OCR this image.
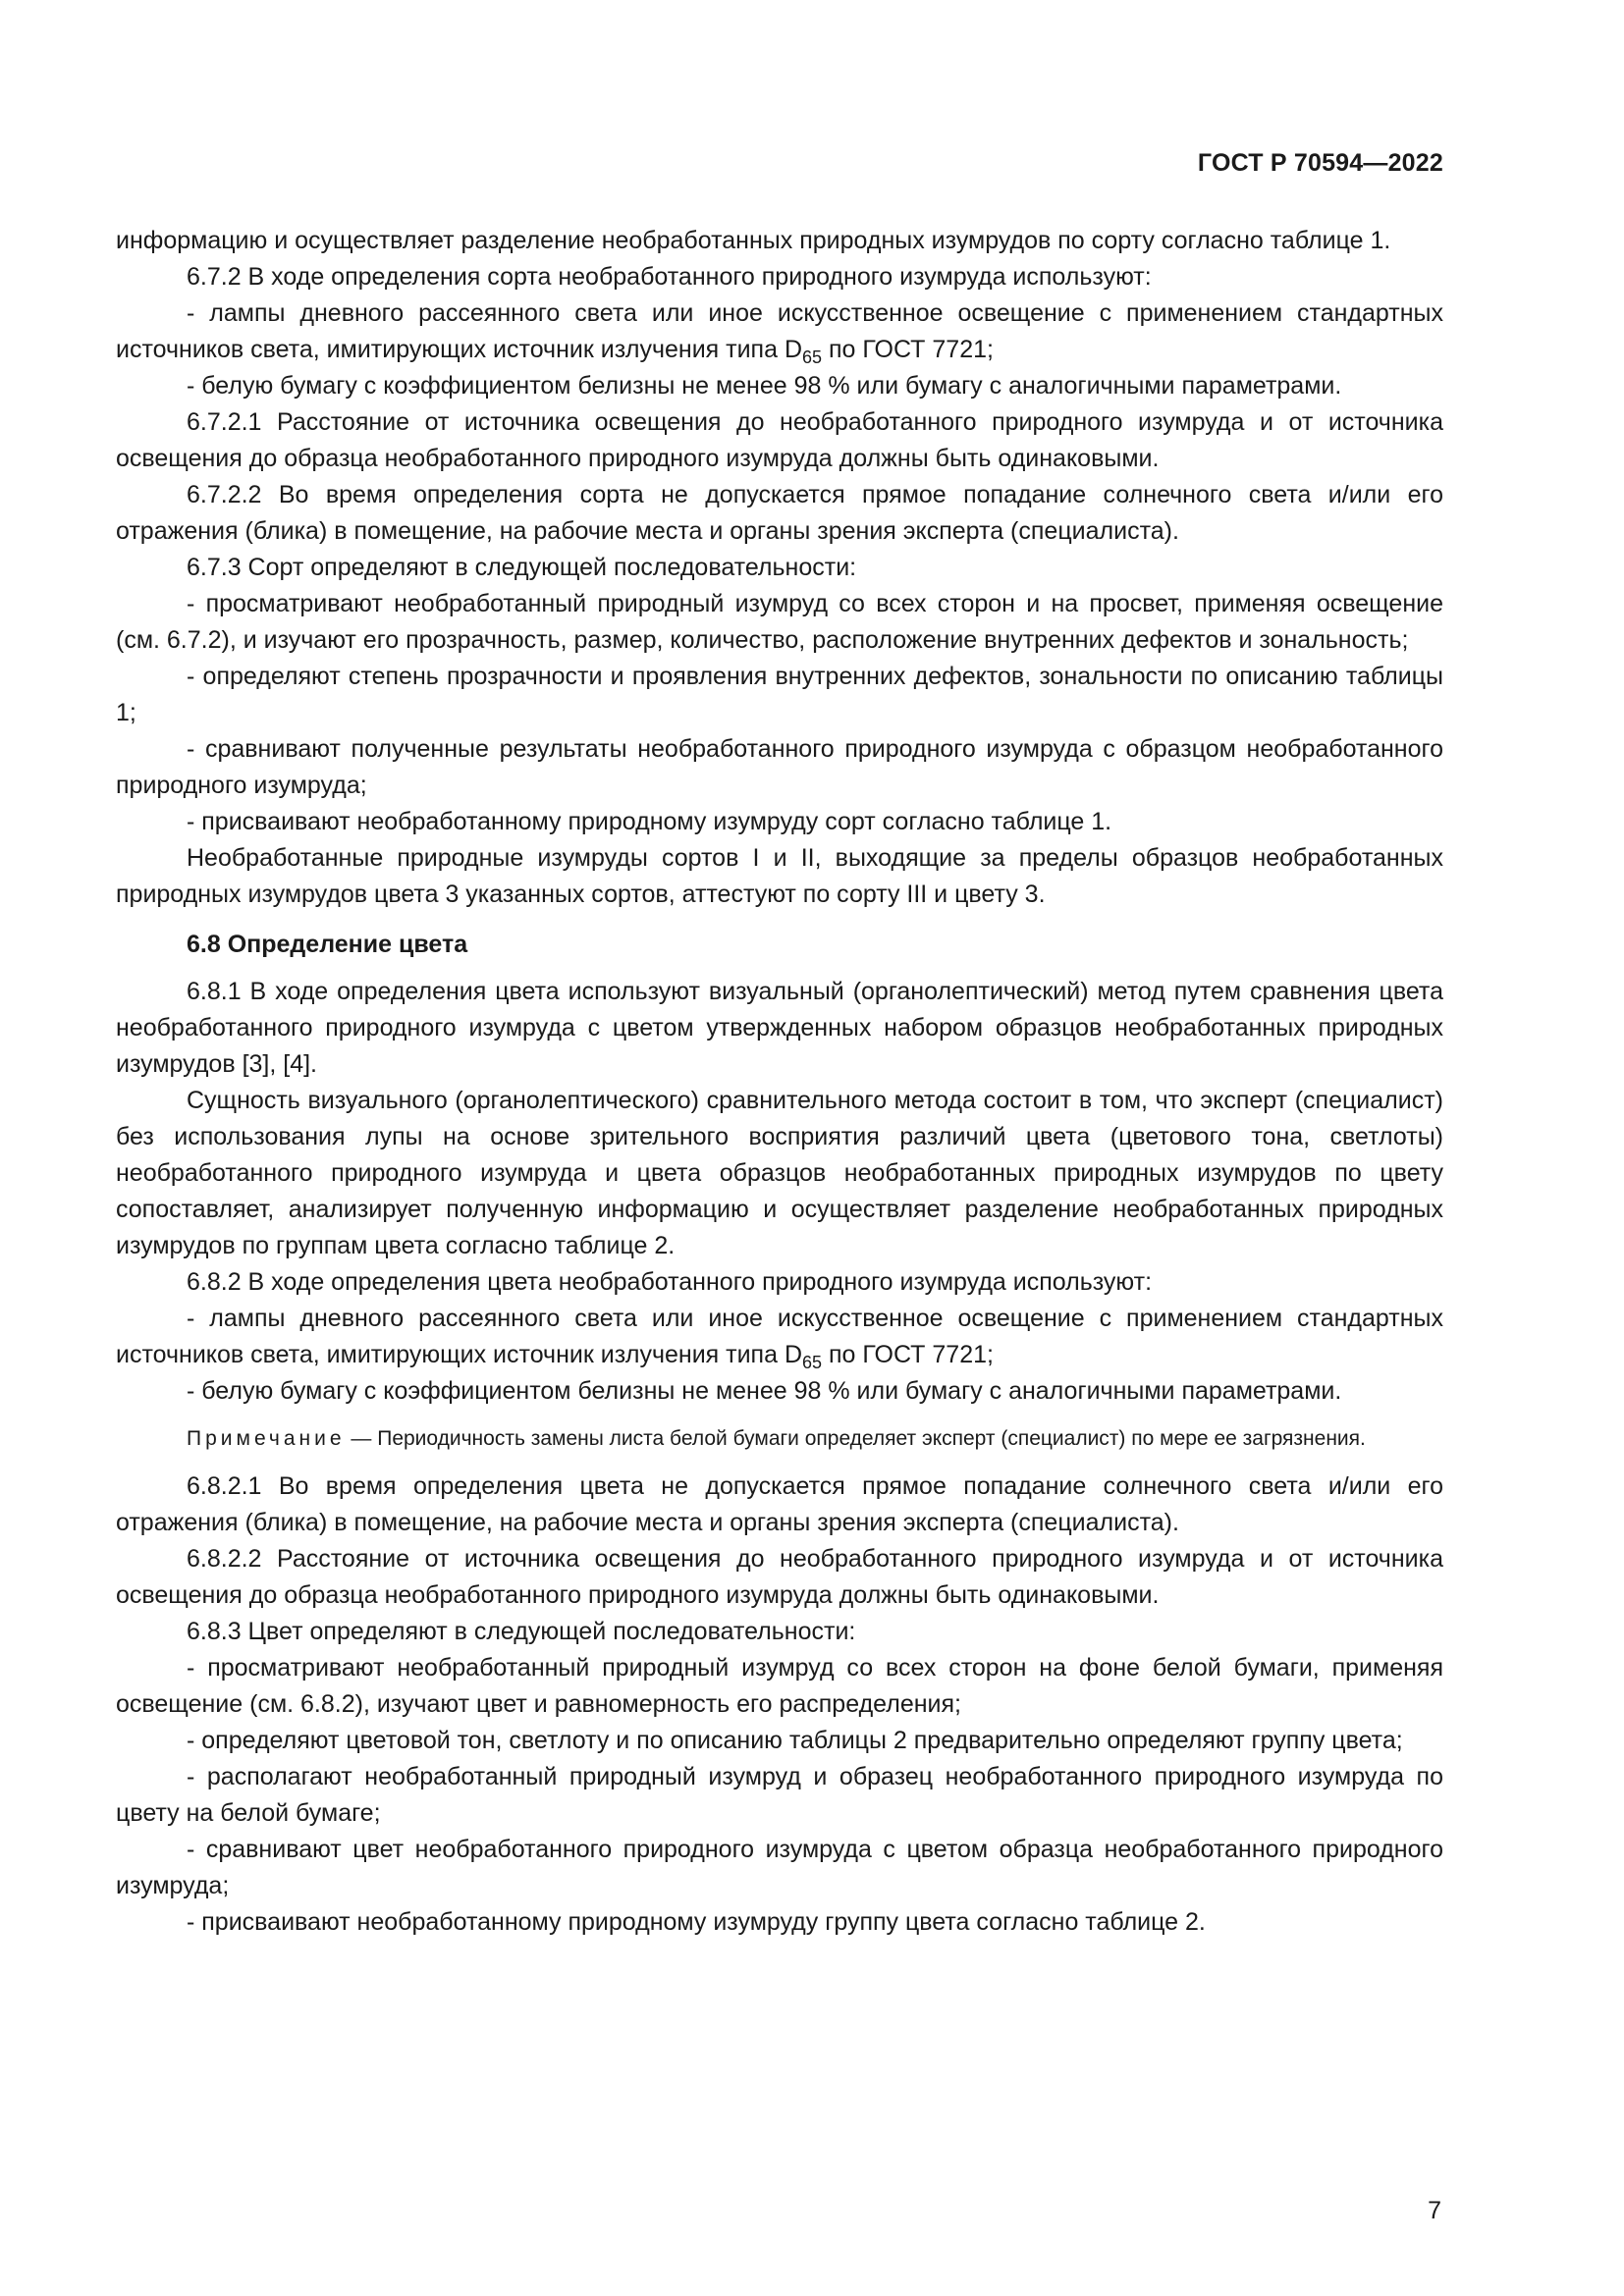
ГОСТ Р 70594—2022

информацию и осуществляет разделение необработанных природных изумрудов по сорту согласно таблице 1.

6.7.2 В ходе определения сорта необработанного природного изумруда используют:

- лампы дневного рассеянного света или иное искусственное освещение с применением стандартных источников света, имитирующих источник излучения типа $D_{65}$ по ГОСТ 7721;

- белую бумагу с коэффициентом белизны не менее 98 % или бумагу с аналогичными параметрами.

6.7.2.1 Расстояние от источника освещения до необработанного природного изумруда и от источника освещения до образца необработанного природного изумруда должны быть одинаковыми.

6.7.2.2 Во время определения сорта не допускается прямое попадание солнечного света и/или его отражения (блика) в помещение, на рабочие места и органы зрения эксперта (специалиста).

6.7.3 Сорт определяют в следующей последовательности:

- просматривают необработанный природный изумруд со всех сторон и на просвет, применяя освещение (см. 6.7.2), и изучают его прозрачность, размер, количество, расположение внутренних дефектов и зональность;

- определяют степень прозрачности и проявления внутренних дефектов, зональности по описанию таблицы 1;

- сравнивают полученные результаты необработанного природного изумруда с образцом необработанного природного изумруда;

- присваивают необработанному природному изумруду сорт согласно таблице 1.

Необработанные природные изумруды сортов I и II, выходящие за пределы образцов необработанных природных изумрудов цвета 3 указанных сортов, аттестуют по сорту III и цвету 3.

6.8 Определение цвета

6.8.1 В ходе определения цвета используют визуальный (органолептический) метод путем сравнения цвета необработанного природного изумруда с цветом утвержденных набором образцов необработанных природных изумрудов [3], [4].

Сущность визуального (органолептического) сравнительного метода состоит в том, что эксперт (специалист) без использования лупы на основе зрительного восприятия различий цвета (цветового тона, светлоты) необработанного природного изумруда и цвета образцов необработанных природных изумрудов по цвету сопоставляет, анализирует полученную информацию и осуществляет разделение необработанных природных изумрудов по группам цвета согласно таблице 2.

6.8.2 В ходе определения цвета необработанного природного изумруда используют:

- лампы дневного рассеянного света или иное искусственное освещение с применением стандартных источников света, имитирующих источник излучения типа $D_{65}$ по ГОСТ 7721;

- белую бумагу с коэффициентом белизны не менее 98 % или бумагу с аналогичными параметрами.

Примечание — Периодичность замены листа белой бумаги определяет эксперт (специалист) по мере ее загрязнения.

6.8.2.1 Во время определения цвета не допускается прямое попадание солнечного света и/или его отражения (блика) в помещение, на рабочие места и органы зрения эксперта (специалиста).

6.8.2.2 Расстояние от источника освещения до необработанного природного изумруда и от источника освещения до образца необработанного природного изумруда должны быть одинаковыми.

6.8.3 Цвет определяют в следующей последовательности:

- просматривают необработанный природный изумруд со всех сторон на фоне белой бумаги, применяя освещение (см. 6.8.2), изучают цвет и равномерность его распределения;

- определяют цветовой тон, светлоту и по описанию таблицы 2 предварительно определяют группу цвета;

- располагают необработанный природный изумруд и образец необработанного природного изумруда по цвету на белой бумаге;

- сравнивают цвет необработанного природного изумруда с цветом образца необработанного природного изумруда;

- присваивают необработанному природному изумруду группу цвета согласно таблице 2.

7
